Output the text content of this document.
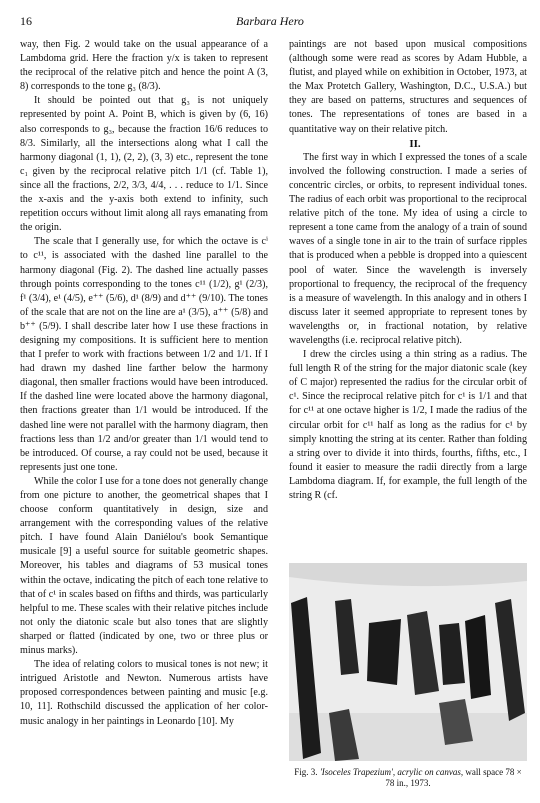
16	Barbara Hero

way, then Fig. 2 would take on the usual appearance of a Lambdoma grid. Here the fraction y/x is taken to represent the reciprocal of the relative pitch and hence the point A (3, 8) corresponds to the tone g₃ (8/3).

It should be pointed out that g₃ is not uniquely represented by point A. Point B, which is given by (6, 16) also corresponds to g₃, because the fraction 16/6 reduces to 8/3. Similarly, all the intersections along what I call the harmony diagonal (1, 1), (2, 2), (3, 3) etc., represent the tone c₁ given by the reciprocal relative pitch 1/1 (cf. Table 1), since all the fractions, 2/2, 3/3, 4/4, . . . reduce to 1/1. Since the x-axis and the y-axis both extend to infinity, such repetition occurs without limit along all rays emanating from the origin.

The scale that I generally use, for which the octave is cⁱ to c¹¹, is associated with the dashed line parallel to the harmony diagonal (Fig. 2). The dashed line actually passes through points corresponding to the tones c¹¹ (1/2), g¹ (2/3), f¹ (3/4), e¹ (4/5), e⁺⁺ (5/6), d¹ (8/9) and d⁺⁺ (9/10). The tones of the scale that are not on the line are a¹ (3/5), a⁺⁺ (5/8) and b⁺⁺ (5/9). I shall describe later how I use these fractions in designing my compositions. It is sufficient here to mention that I prefer to work with fractions between 1/2 and 1/1. If I had drawn my dashed line farther below the harmony diagonal, then smaller fractions would have been introduced. If the dashed line were located above the harmony diagonal, then fractions greater than 1/1 would be introduced. If the dashed line were not parallel with the harmony diagram, then fractions less than 1/2 and/or greater than 1/1 would tend to be introduced. Of course, a ray could not be used, because it represents just one tone.

While the color I use for a tone does not generally change from one picture to another, the geometrical shapes that I choose conform quantitatively in design, size and arrangement with the corresponding values of the relative pitch. I have found Alain Daniélou's book Semantique musicale [9] a useful source for suitable geometric shapes. Moreover, his tables and diagrams of 53 musical tones within the octave, indicating the pitch of each tone relative to that of c¹ in scales based on fifths and thirds, was particularly helpful to me. These scales with their relative pitches include not only the diatonic scale but also tones that are slightly sharped or flatted (indicated by one, two or three plus or minus marks).

The idea of relating colors to musical tones is not new; it intrigued Aristotle and Newton. Numerous artists have proposed correspondences between painting and music [e.g. 10, 11]. Rothschild discussed the application of her color-music analogy in her paintings in Leonardo [10]. My

paintings are not based upon musical compositions (although some were read as scores by Adam Hubble, a flutist, and played while on exhibition in October, 1973, at the Max Protetch Gallery, Washington, D.C., U.S.A.) but they are based on patterns, structures and sequences of tones. The representations of tones are based in a quantitative way on their relative pitch.

II.

The first way in which I expressed the tones of a scale involved the following construction. I made a series of concentric circles, or orbits, to represent individual tones. The radius of each orbit was proportional to the reciprocal relative pitch of the tone. My idea of using a circle to represent a tone came from the analogy of a train of sound waves of a single tone in air to the train of surface ripples that is produced when a pebble is dropped into a quiescent pool of water. Since the wavelength is inversely proportional to frequency, the reciprocal of the frequency is a measure of wavelength. In this analogy and in others I discuss later it seemed appropriate to represent tones by wavelengths or, in fractional notation, by relative wavelengths (i.e. reciprocal relative pitch).

I drew the circles using a thin string as a radius. The full length R of the string for the major diatonic scale (key of C major) represented the radius for the circular orbit of c¹. Since the reciprocal relative pitch for c¹ is 1/1 and that for c¹¹ at one octave higher is 1/2, I made the radius of the circular orbit for c¹¹ half as long as the radius for c¹ by simply knotting the string at its center. Rather than folding a string over to divide it into thirds, fourths, fifths, etc., I found it easier to measure the radii directly from a large Lambdoma diagram. If, for example, the full length of the string R (cf.

Fig. 3. 'Isoceles Trapezium', acrylic on canvas, wall space 78 × 78 in., 1973.
